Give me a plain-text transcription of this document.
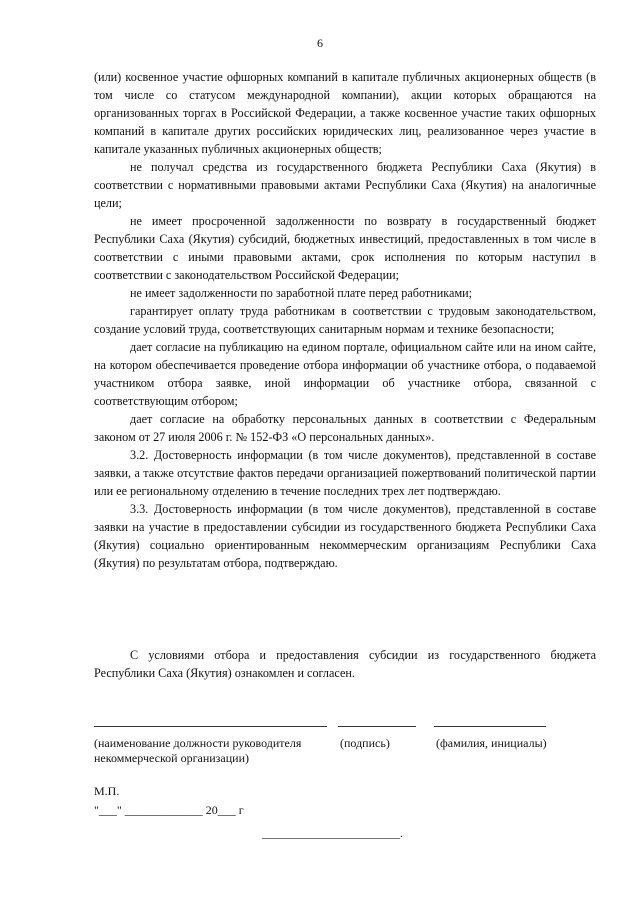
6

(или) косвенное участие офшорных компаний в капитале публичных акционерных обществ (в том числе со статусом международной компании), акции которых обращаются на организованных торгах в Российской Федерации, а также косвенное участие таких офшорных компаний в капитале других российских юридических лиц, реализованное через участие в капитале указанных публичных акционерных обществ;

не получал средства из государственного бюджета Республики Саха (Якутия) в соответствии с нормативными правовыми актами Республики Саха (Якутия) на аналогичные цели;

не имеет просроченной задолженности по возврату в государственный бюджет Республики Саха (Якутия) субсидий, бюджетных инвестиций, предоставленных в том числе в соответствии с иными правовыми актами, срок исполнения по которым наступил в соответствии с законодательством Российской Федерации;

не имеет задолженности по заработной плате перед работниками;

гарантирует оплату труда работникам в соответствии с трудовым законодательством, создание условий труда, соответствующих санитарным нормам и технике безопасности;

дает согласие на публикацию на едином портале, официальном сайте или на ином сайте, на котором обеспечивается проведение отбора информации об участнике отбора, о подаваемой участником отбора заявке, иной информации об участнике отбора, связанной с соответствующим отбором;

дает согласие на обработку персональных данных в соответствии с Федеральным законом от 27 июля 2006 г. № 152-ФЗ «О персональных данных».

3.2. Достоверность информации (в том числе документов), представленной в составе заявки, а также отсутствие фактов передачи организацией пожертвований политической партии или ее региональному отделению в течение последних трех лет подтверждаю.

3.3. Достоверность информации (в том числе документов), представленной в составе заявки на участие в предоставлении субсидии из государственного бюджета Республики Саха (Якутия) социально ориентированным некоммерческим организациям Республики Саха (Якутия) по результатам отбора, подтверждаю.

С условиями отбора и предоставления субсидии из государственного бюджета Республики Саха (Якутия) ознакомлен и согласен.

(наименование должности руководителя некоммерческой организации)
(подпись)	(фамилия, инициалы)
М.П.
"___" _____________ 20___ г
_______________________.
